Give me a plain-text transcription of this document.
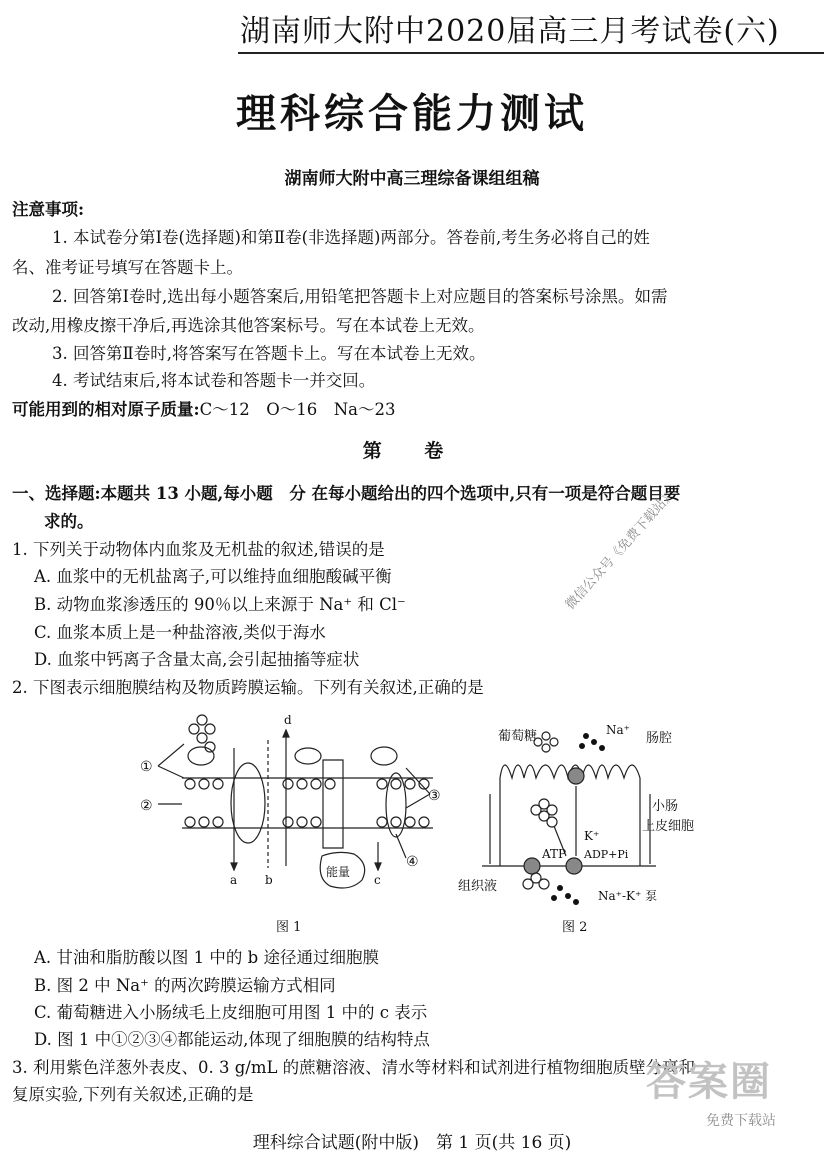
湖南师大附中2020届高三月考试卷(六)
理科综合能力测试
湖南师大附中高三理综备课组组稿
注意事项:
1. 本试卷分第Ⅰ卷(选择题)和第Ⅱ卷(非选择题)两部分。答卷前,考生务必将自己的姓
名、准考证号填写在答题卡上。
2. 回答第Ⅰ卷时,选出每小题答案后,用铅笔把答题卡上对应题目的答案标号涂黑。如需
改动,用橡皮擦干净后,再选涂其他答案标号。写在本试卷上无效。
3. 回答第Ⅱ卷时,将答案写在答题卡上。写在本试卷上无效。
4. 考试结束后,将本试卷和答题卡一并交回。
可能用到的相对原子质量:C～12　O～16　Na～23
第 卷
一、选择题:本题共 13 小题,每小题　分 在每小题给出的四个选项中,只有一项是符合题目要
求的。
1. 下列关于动物体内血浆及无机盐的叙述,错误的是
A. 血浆中的无机盐离子,可以维持血细胞酸碱平衡
B. 动物血浆渗透压的 90％以上来源于 Na⁺ 和 Cl⁻
C. 血浆本质上是一种盐溶液,类似于海水
D. 血浆中钙离子含量太高,会引起抽搐等症状
2. 下图表示细胞膜结构及物质跨膜运输。下列有关叙述,正确的是
①
②
③
④
a b	c
d
能量
图 1
葡萄糖	Na⁺
肠腔
小肠
上皮细胞
K⁺
ATP ADP+Pi
组织液
Na⁺-K⁺ 泵
图 2
A. 甘油和脂肪酸以图 1 中的 b 途径通过细胞膜
B. 图 2 中 Na⁺ 的两次跨膜运输方式相同
C. 葡萄糖进入小肠绒毛上皮细胞可用图 1 中的 c 表示
D. 图 1 中①②③④都能运动,体现了细胞膜的结构特点
3. 利用紫色洋葱外表皮、0. 3 g/mL 的蔗糖溶液、清水等材料和试剂进行植物细胞质壁分离和
复原实验,下列有关叙述,正确的是
理科综合试题(附中版)　第 1 页(共 16 页)
微信公众号《免费下载站》
答案圈
免费下载站
